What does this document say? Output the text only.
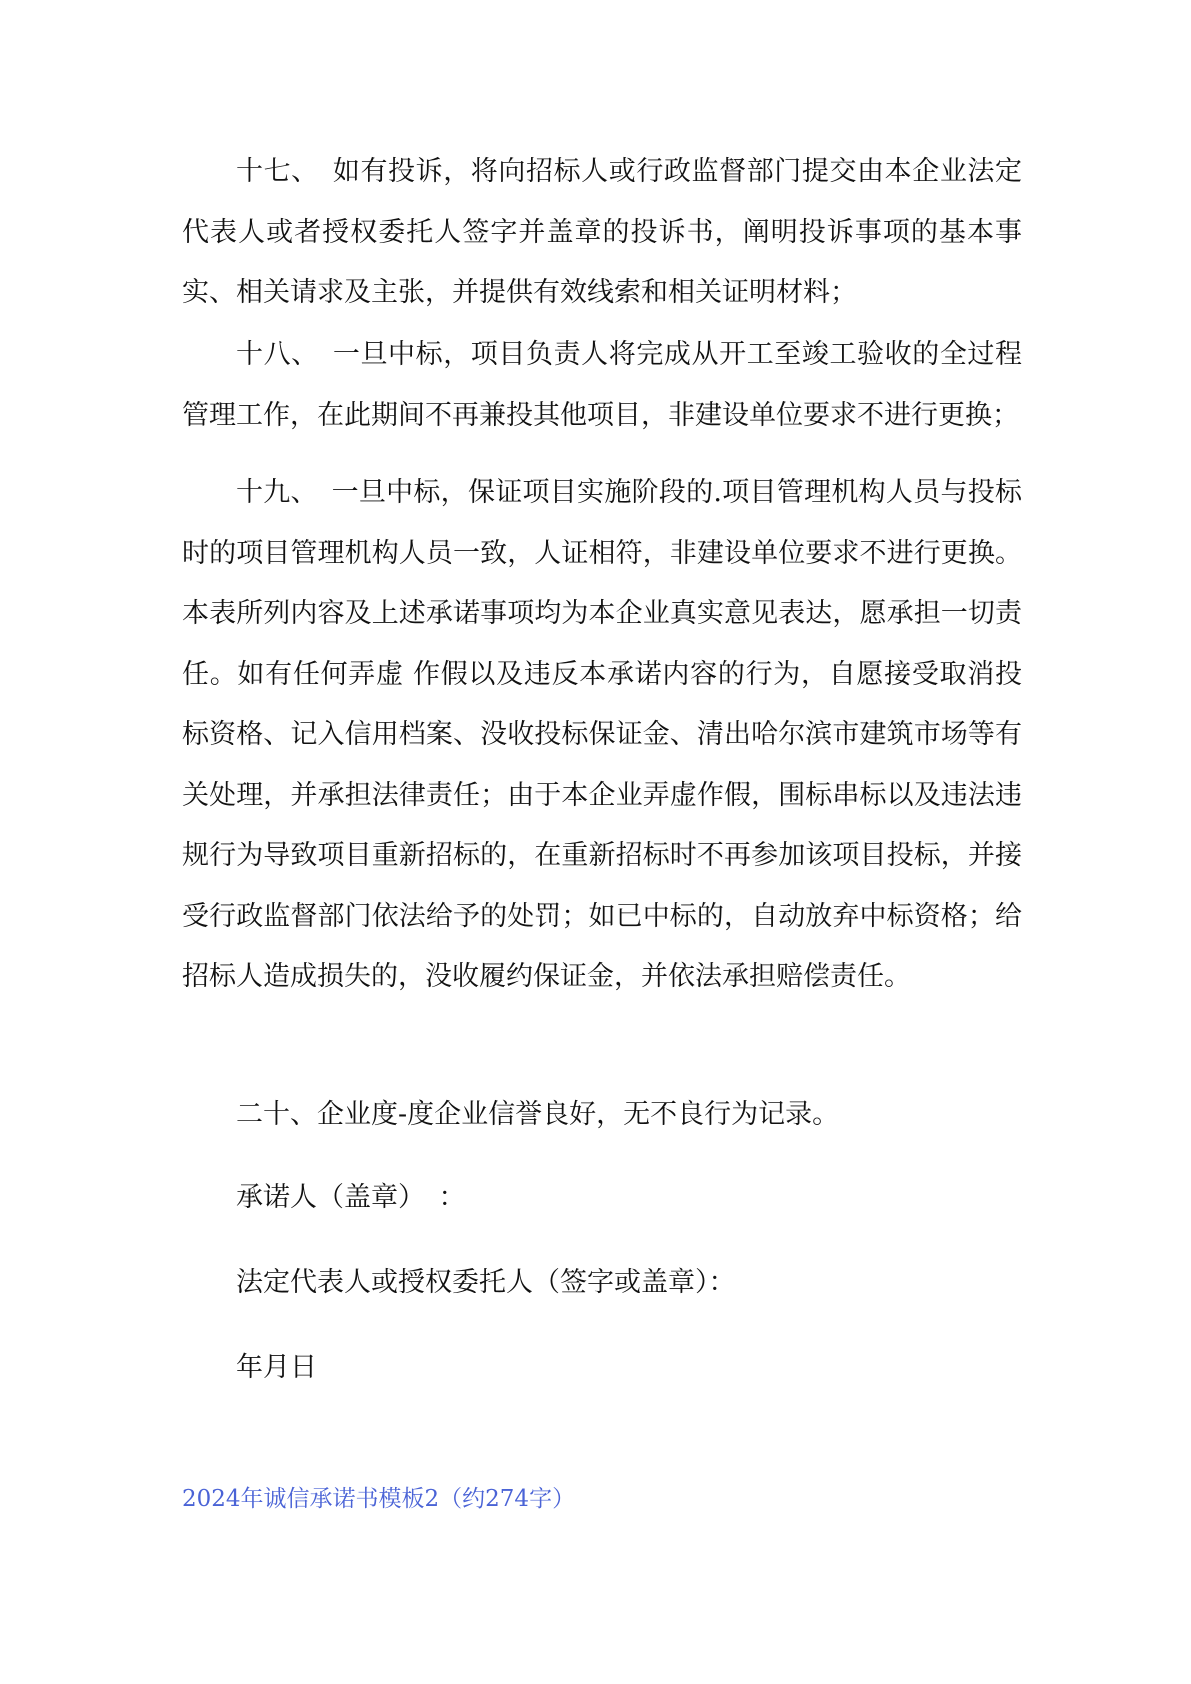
十七、　如有投诉，将向招标人或行政监督部门提交由本企业法定代表人或者授权委托人签字并盖章的投诉书，阐明投诉事项的基本事实、相关请求及主张，并提供有效线索和相关证明材料；

十八、　一旦中标，项目负责人将完成从开工至竣工验收的全过程管理工作，在此期间不再兼投其他项目，非建设单位要求不进行更换；

十九、　一旦中标，保证项目实施阶段的.项目管理机构人员与投标时的项目管理机构人员一致，人证相符，非建设单位要求不进行更换。本表所列内容及上述承诺事项均为本企业真实意见表达，愿承担一切责任。如有任何弄虚 作假以及违反本承诺内容的行为，自愿接受取消投标资格、记入信用档案、没收投标保证金、清出哈尔滨市建筑市场等有关处理，并承担法律责任；由于本企业弄虚作假，围标串标以及违法违规行为导致项目重新招标的，在重新招标时不再参加该项目投标，并接受行政监督部门依法给予的处罚；如已中标的，自动放弃中标资格；给招标人造成损失的，没收履约保证金，并依法承担赔偿责任。

二十、企业度-度企业信誉良好，无不良行为记录。

承诺人（盖章）　：

法定代表人或授权委托人（签字或盖章）：

年月日

2024年诚信承诺书模板2（约274字）
